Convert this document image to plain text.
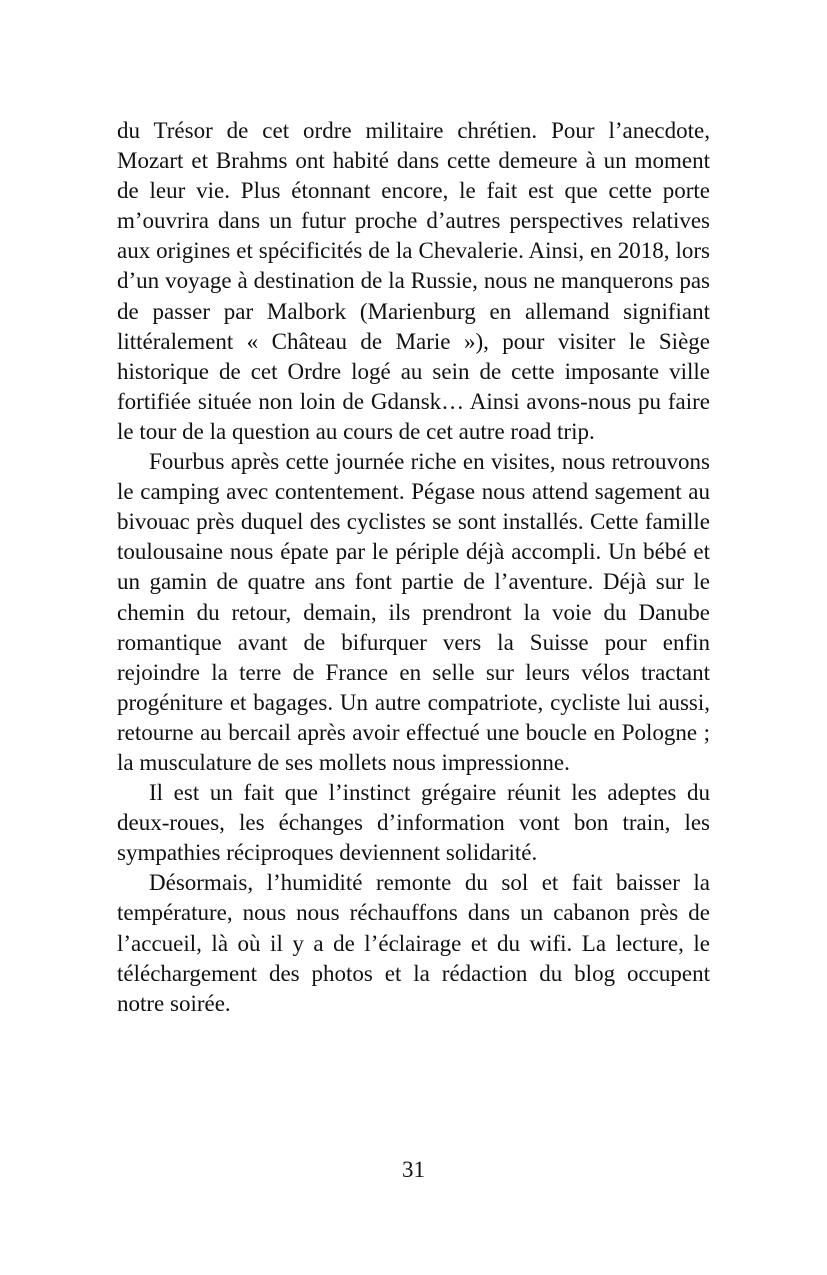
du Trésor de cet ordre militaire chrétien. Pour l’anecdote, Mozart et Brahms ont habité dans cette demeure à un moment de leur vie. Plus étonnant encore, le fait est que cette porte m’ouvrira dans un futur proche d’autres perspectives relatives aux origines et spécificités de la Chevalerie. Ainsi, en 2018, lors d’un voyage à destination de la Russie, nous ne manquerons pas de passer par Malbork (Marienburg en allemand signifiant littéralement « Château de Marie »), pour visiter le Siège historique de cet Ordre logé au sein de cette imposante ville fortifiée située non loin de Gdansk… Ainsi avons-nous pu faire le tour de la question au cours de cet autre road trip.

Fourbus après cette journée riche en visites, nous retrouvons le camping avec contentement. Pégase nous attend sagement au bivouac près duquel des cyclistes se sont installés. Cette famille toulousaine nous épate par le périple déjà accompli. Un bébé et un gamin de quatre ans font partie de l’aventure. Déjà sur le chemin du retour, demain, ils prendront la voie du Danube romantique avant de bifurquer vers la Suisse pour enfin rejoindre la terre de France en selle sur leurs vélos tractant progéniture et bagages. Un autre compatriote, cycliste lui aussi, retourne au bercail après avoir effectué une boucle en Pologne ; la musculature de ses mollets nous impressionne.

Il est un fait que l’instinct grégaire réunit les adeptes du deux-roues, les échanges d’information vont bon train, les sympathies réciproques deviennent solidarité.

Désormais, l’humidité remonte du sol et fait baisser la température, nous nous réchauffons dans un cabanon près de l’accueil, là où il y a de l’éclairage et du wifi. La lecture, le téléchargement des photos et la rédaction du blog occupent notre soirée.

31
